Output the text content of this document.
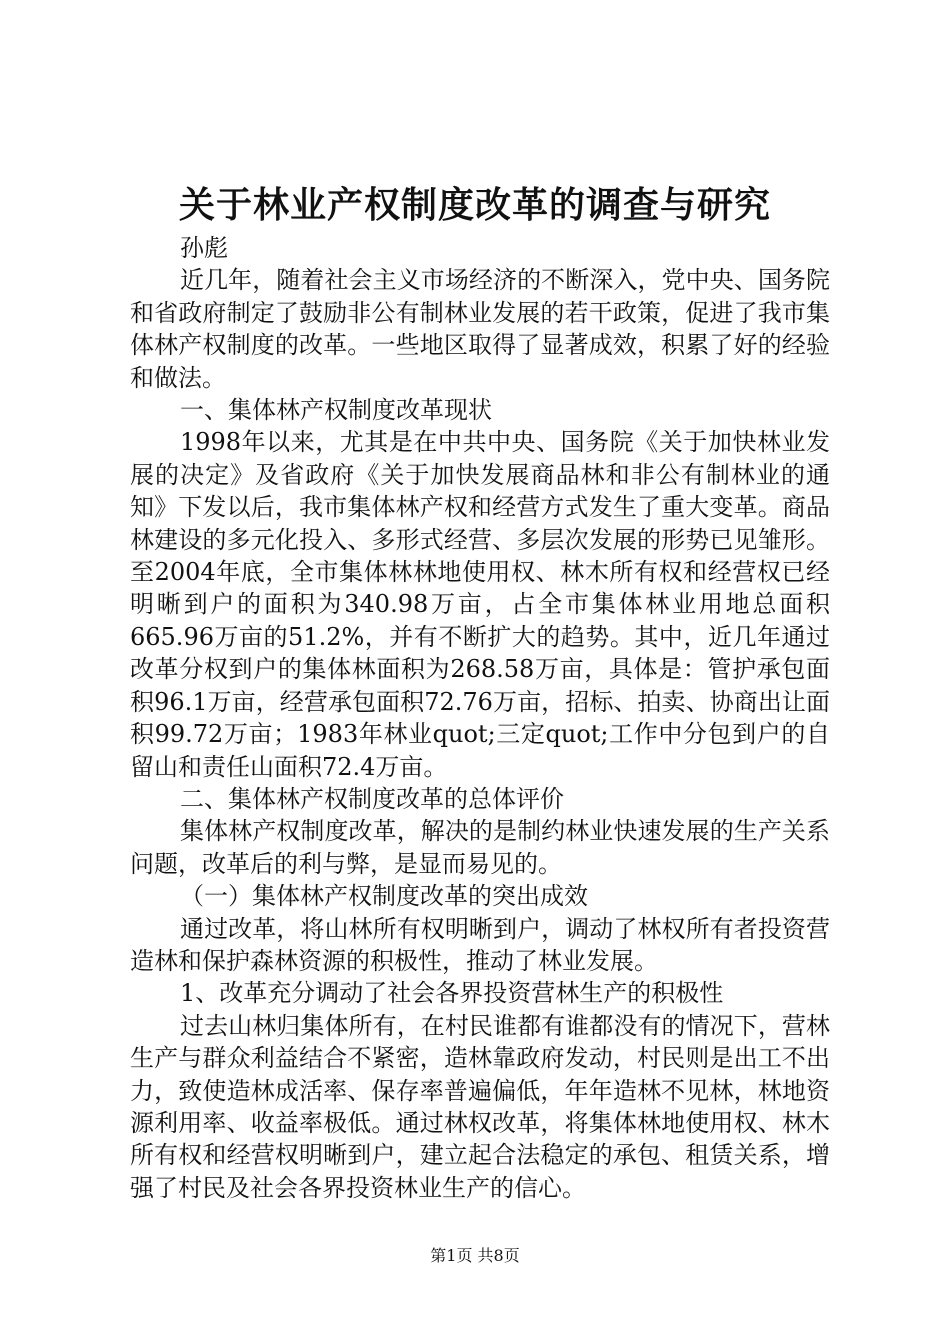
关于林业产权制度改革的调查与研究

孙彪

近几年，随着社会主义市场经济的不断深入，党中央、国务院和省政府制定了鼓励非公有制林业发展的若干政策，促进了我市集体林产权制度的改革。一些地区取得了显著成效，积累了好的经验和做法。

一、集体林产权制度改革现状

1998年以来，尤其是在中共中央、国务院《关于加快林业发展的决定》及省政府《关于加快发展商品林和非公有制林业的通知》下发以后，我市集体林产权和经营方式发生了重大变革。商品林建设的多元化投入、多形式经营、多层次发展的形势已见雏形。至2004年底，全市集体林林地使用权、林木所有权和经营权已经明晰到户的面积为340.98万亩，占全市集体林业用地总面积665.96万亩的51.2%，并有不断扩大的趋势。其中，近几年通过改革分权到户的集体林面积为268.58万亩，具体是：管护承包面积96.1万亩，经营承包面积72.76万亩，招标、拍卖、协商出让面积99.72万亩；1983年林业quot;三定quot;工作中分包到户的自留山和责任山面积72.4万亩。

二、集体林产权制度改革的总体评价

集体林产权制度改革，解决的是制约林业快速发展的生产关系问题，改革后的利与弊，是显而易见的。

（一）集体林产权制度改革的突出成效

通过改革，将山林所有权明晰到户，调动了林权所有者投资营造林和保护森林资源的积极性，推动了林业发展。

1、改革充分调动了社会各界投资营林生产的积极性

过去山林归集体所有，在村民谁都有谁都没有的情况下，营林生产与群众利益结合不紧密，造林靠政府发动，村民则是出工不出力，致使造林成活率、保存率普遍偏低，年年造林不见林，林地资源利用率、收益率极低。通过林权改革，将集体林地使用权、林木所有权和经营权明晰到户，建立起合法稳定的承包、租赁关系，增强了村民及社会各界投资林业生产的信心。

第1页 共8页
